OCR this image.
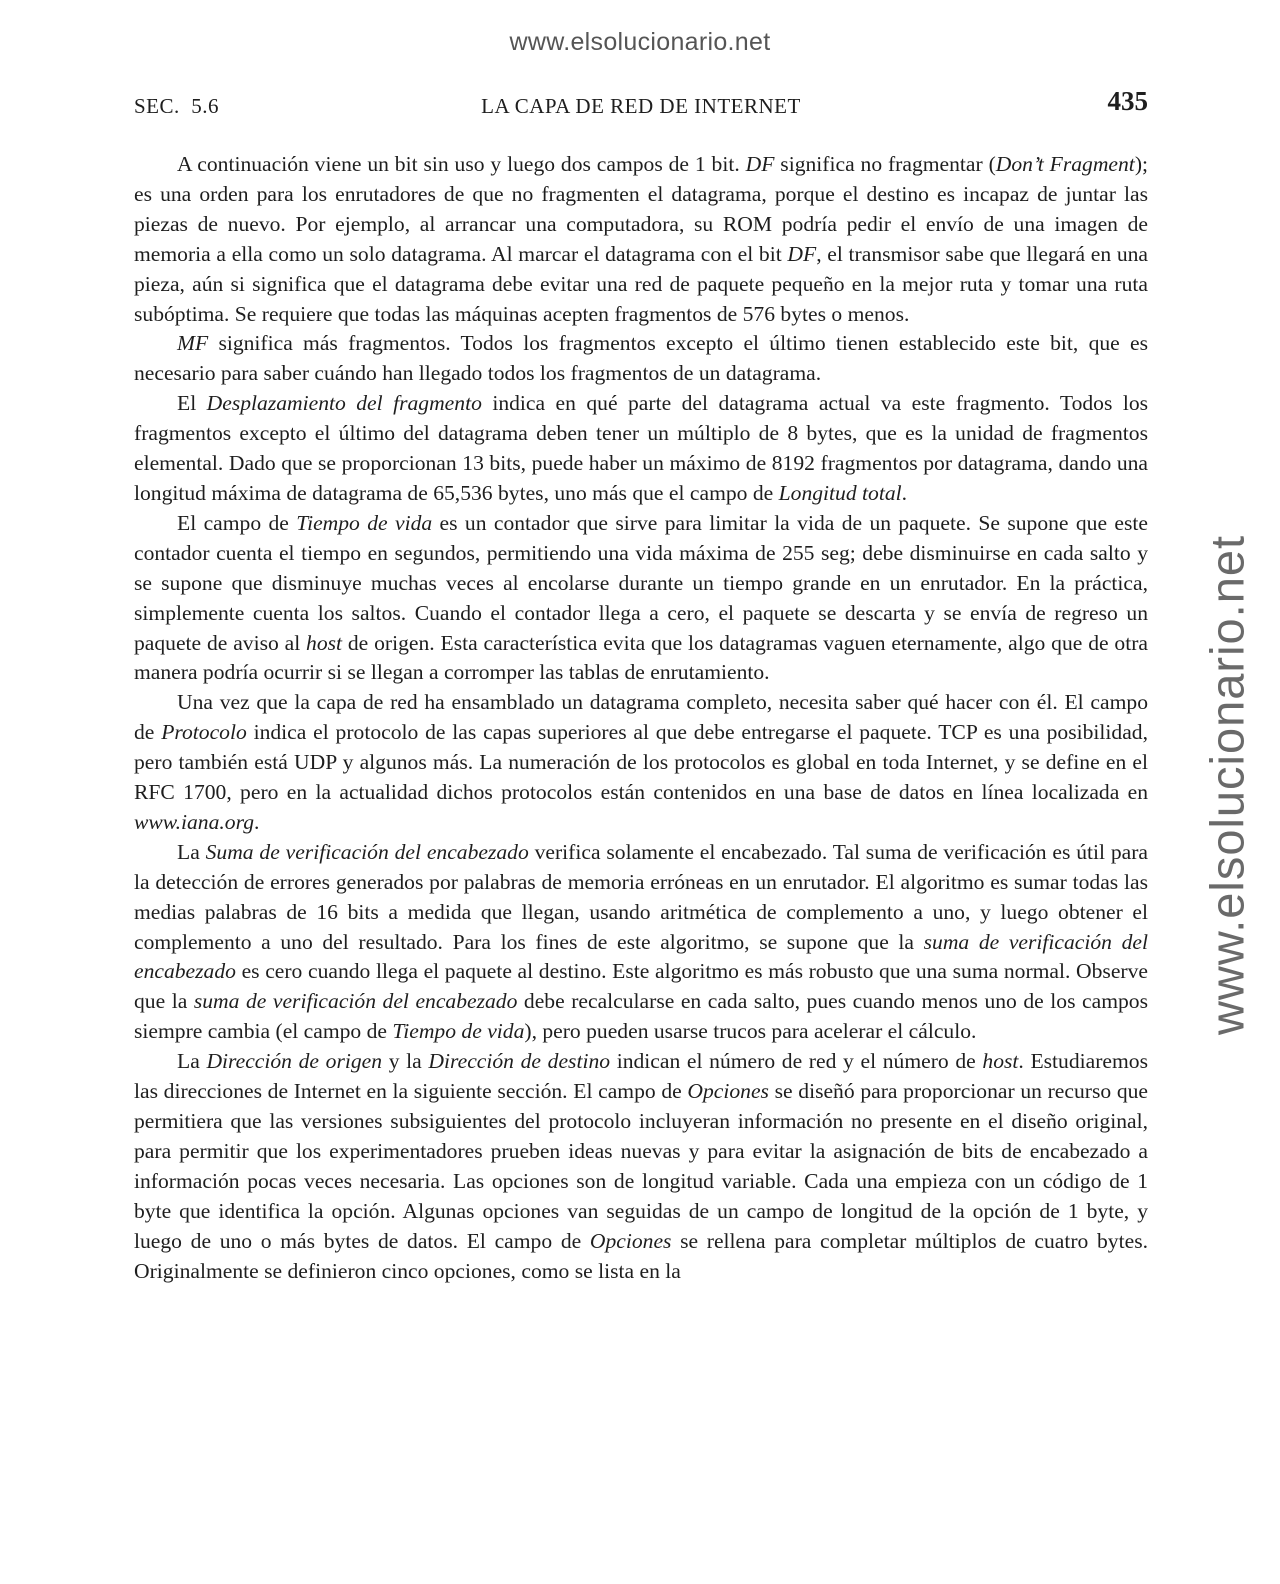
www.elsolucionario.net
www.elsolucionario.net
SEC.  5.6	LA CAPA DE RED DE INTERNET	435

A continuación viene un bit sin uso y luego dos campos de 1 bit. DF significa no fragmentar (Don’t Fragment); es una orden para los enrutadores de que no fragmenten el datagrama, porque el destino es incapaz de juntar las piezas de nuevo. Por ejemplo, al arrancar una computadora, su ROM podría pedir el envío de una imagen de memoria a ella como un solo datagrama. Al marcar el datagrama con el bit DF, el transmisor sabe que llegará en una pieza, aún si significa que el datagrama debe evitar una red de paquete pequeño en la mejor ruta y tomar una ruta subóptima. Se requiere que todas las máquinas acepten fragmentos de 576 bytes o menos.

MF significa más fragmentos. Todos los fragmentos excepto el último tienen establecido este bit, que es necesario para saber cuándo han llegado todos los fragmentos de un datagrama.

El Desplazamiento del fragmento indica en qué parte del datagrama actual va este fragmento. Todos los fragmentos excepto el último del datagrama deben tener un múltiplo de 8 bytes, que es la unidad de fragmentos elemental. Dado que se proporcionan 13 bits, puede haber un máximo de 8192 fragmentos por datagrama, dando una longitud máxima de datagrama de 65,536 bytes, uno más que el campo de Longitud total.

El campo de Tiempo de vida es un contador que sirve para limitar la vida de un paquete. Se supone que este contador cuenta el tiempo en segundos, permitiendo una vida máxima de 255 seg; debe disminuirse en cada salto y se supone que disminuye muchas veces al encolarse durante un tiempo grande en un enrutador. En la práctica, simplemente cuenta los saltos. Cuando el contador llega a cero, el paquete se descarta y se envía de regreso un paquete de aviso al host de origen. Esta característica evita que los datagramas vaguen eternamente, algo que de otra manera podría ocurrir si se llegan a corromper las tablas de enrutamiento.

Una vez que la capa de red ha ensamblado un datagrama completo, necesita saber qué hacer con él. El campo de Protocolo indica el protocolo de las capas superiores al que debe entregarse el paquete. TCP es una posibilidad, pero también está UDP y algunos más. La numeración de los protocolos es global en toda Internet, y se define en el RFC 1700, pero en la actualidad dichos protocolos están contenidos en una base de datos en línea localizada en www.iana.org.

La Suma de verificación del encabezado verifica solamente el encabezado. Tal suma de verificación es útil para la detección de errores generados por palabras de memoria erróneas en un enrutador. El algoritmo es sumar todas las medias palabras de 16 bits a medida que llegan, usando aritmética de complemento a uno, y luego obtener el complemento a uno del resultado. Para los fines de este algoritmo, se supone que la suma de verificación del encabezado es cero cuando llega el paquete al destino. Este algoritmo es más robusto que una suma normal. Observe que la suma de verificación del encabezado debe recalcularse en cada salto, pues cuando menos uno de los campos siempre cambia (el campo de Tiempo de vida), pero pueden usarse trucos para acelerar el cálculo.

La Dirección de origen y la Dirección de destino indican el número de red y el número de host. Estudiaremos las direcciones de Internet en la siguiente sección. El campo de Opciones se diseñó para proporcionar un recurso que permitiera que las versiones subsiguientes del protocolo incluyeran información no presente en el diseño original, para permitir que los experimentadores prueben ideas nuevas y para evitar la asignación de bits de encabezado a información pocas veces necesaria. Las opciones son de longitud variable. Cada una empieza con un código de 1 byte que identifica la opción. Algunas opciones van seguidas de un campo de longitud de la opción de 1 byte, y luego de uno o más bytes de datos. El campo de Opciones se rellena para completar múltiplos de cuatro bytes. Originalmente se definieron cinco opciones, como se lista en la
